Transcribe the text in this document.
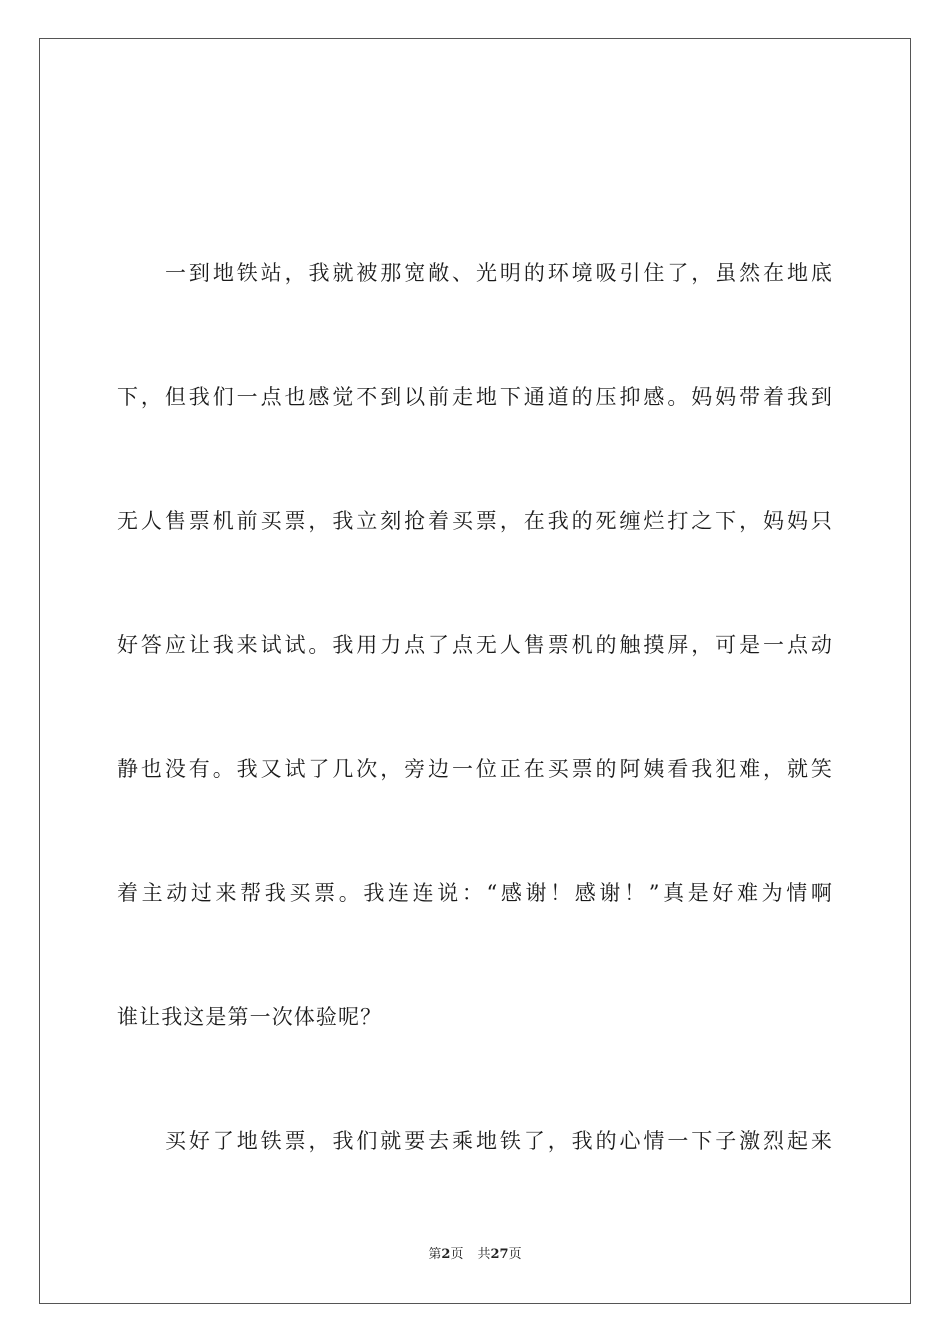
一到地铁站，我就被那宽敞、光明的环境吸引住了，虽然在地底
下，但我们一点也感觉不到以前走地下通道的压抑感。妈妈带着我到
无人售票机前买票，我立刻抢着买票，在我的死缠烂打之下，妈妈只
好答应让我来试试。我用力点了点无人售票机的触摸屏，可是一点动
静也没有。我又试了几次，旁边一位正在买票的阿姨看我犯难，就笑
着主动过来帮我买票。我连连说：“感谢！感谢！”真是好难为情啊
谁让我这是第一次体验呢？
买好了地铁票，我们就要去乘地铁了，我的心情一下子激烈起来
第2页 共27页
